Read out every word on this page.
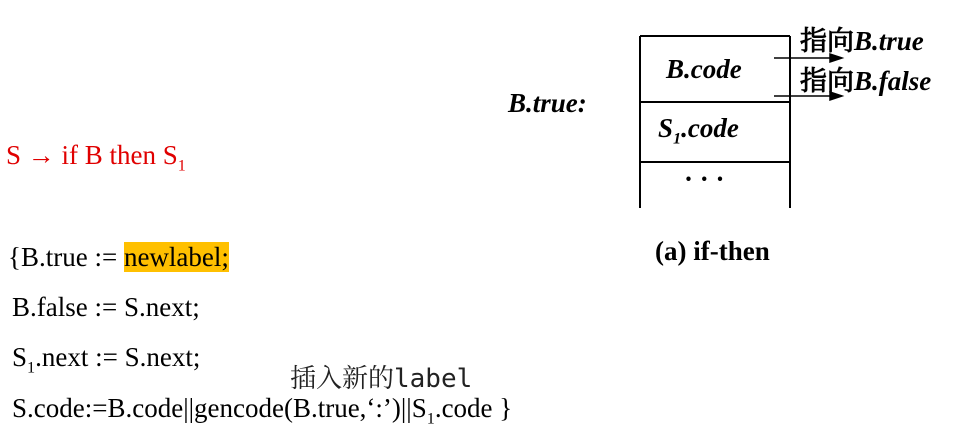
S → if B then $S_1$
{B.true := newlabel;
B.false := S.next;
$S_1.next$ := S.next;
$S.code:=B.code||gencode(B.true,‘:’)||S_1.code$ }
插入新的label
B.true:
B.code
$S_1.code$
· · ·
指向B.true
指向B.false
(a) if-then
